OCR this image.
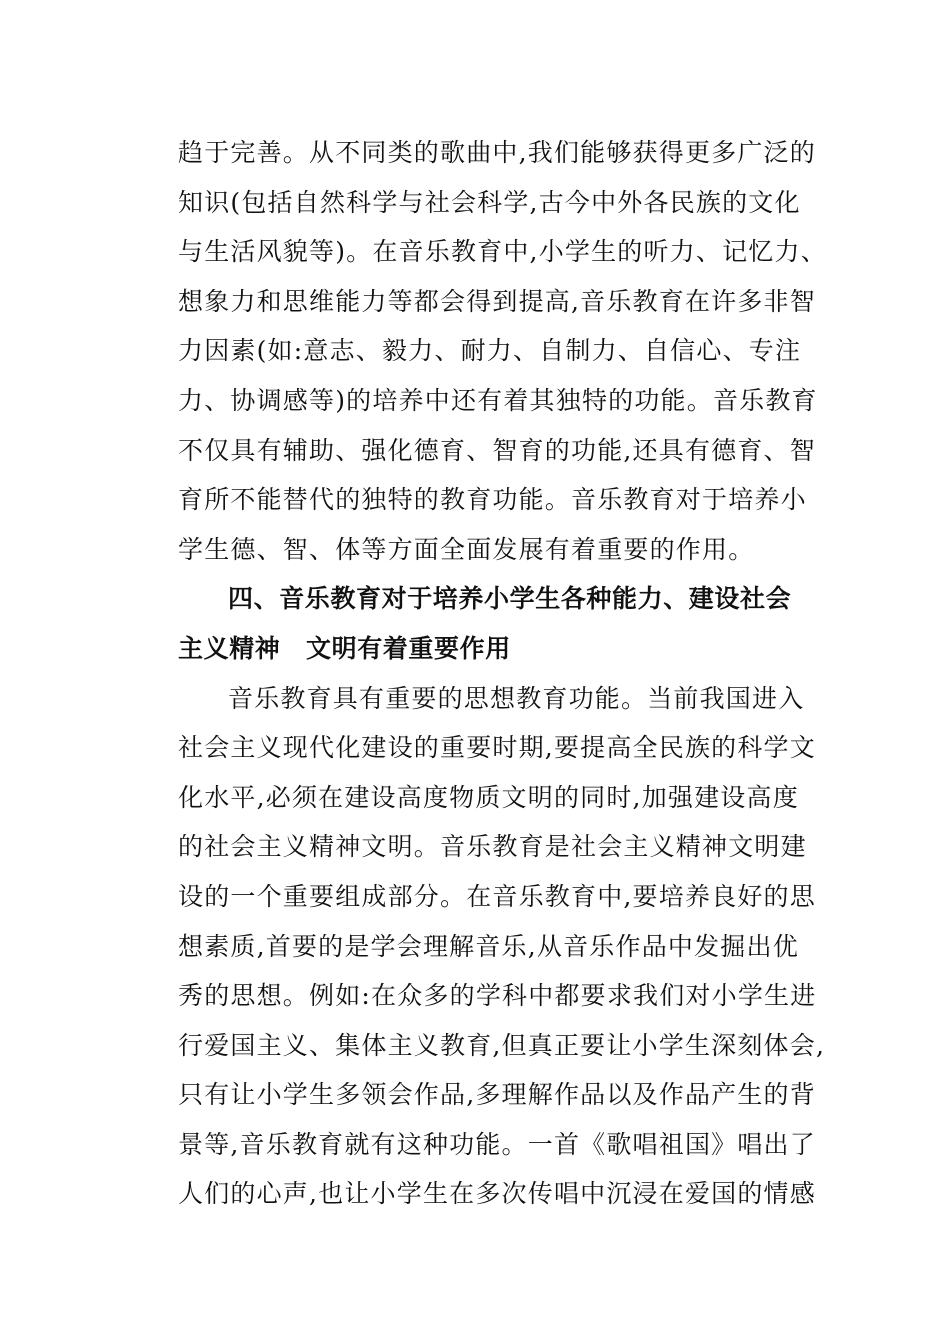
趋于完善。从不同类的歌曲中,我们能够获得更多广泛的
知识(包括自然科学与社会科学,古今中外各民族的文化
与生活风貌等)。在音乐教育中,小学生的听力、记忆力、
想象力和思维能力等都会得到提高,音乐教育在许多非智
力因素(如:意志、毅力、耐力、自制力、自信心、专注
力、协调感等)的培养中还有着其独特的功能。音乐教育
不仅具有辅助、强化德育、智育的功能,还具有德育、智
育所不能替代的独特的教育功能。音乐教育对于培养小
学生德、智、体等方面全面发展有着重要的作用。
四、音乐教育对于培养小学生各种能力、建设社会
主义精神　文明有着重要作用
音乐教育具有重要的思想教育功能。当前我国进入
社会主义现代化建设的重要时期,要提高全民族的科学文
化水平,必须在建设高度物质文明的同时,加强建设高度
的社会主义精神文明。音乐教育是社会主义精神文明建
设的一个重要组成部分。在音乐教育中,要培养良好的思
想素质,首要的是学会理解音乐,从音乐作品中发掘出优
秀的思想。例如:在众多的学科中都要求我们对小学生进
行爱国主义、集体主义教育,但真正要让小学生深刻体会,
只有让小学生多领会作品,多理解作品以及作品产生的背
景等,音乐教育就有这种功能。一首《歌唱祖国》唱出了
人们的心声,也让小学生在多次传唱中沉浸在爱国的情感
